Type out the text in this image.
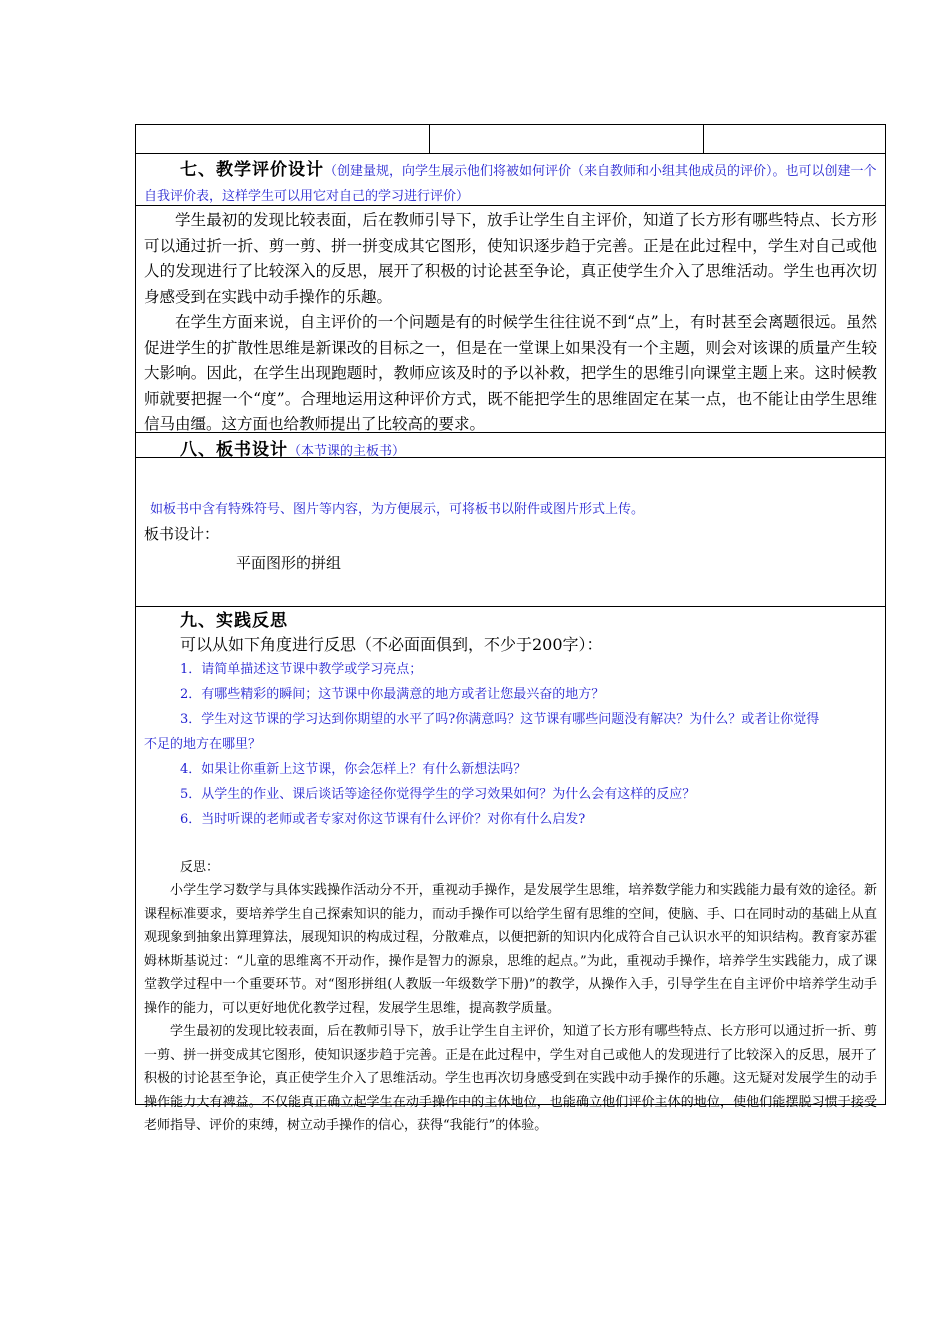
七、教学评价设计（创建量规，向学生展示他们将被如何评价（来自教师和小组其他成员的评价）。也可以创建一个自我评价表，这样学生可以用它对自己的学习进行评价）

学生最初的发现比较表面，后在教师引导下，放手让学生自主评价，知道了长方形有哪些特点、长方形可以通过折一折、剪一剪、拼一拼变成其它图形，使知识逐步趋于完善。正是在此过程中，学生对自己或他人的发现进行了比较深入的反思，展开了积极的讨论甚至争论，真正使学生介入了思维活动。学生也再次切身感受到在实践中动手操作的乐趣。

在学生方面来说，自主评价的一个问题是有的时候学生往往说不到“点”上，有时甚至会离题很远。虽然促进学生的扩散性思维是新课改的目标之一，但是在一堂课上如果没有一个主题，则会对该课的质量产生较大影响。因此，在学生出现跑题时，教师应该及时的予以补救，把学生的思维引向课堂主题上来。这时候教师就要把握一个“度”。合理地运用这种评价方式，既不能把学生的思维固定在某一点，也不能让由学生思维信马由缰。这方面也给教师提出了比较高的要求。

八、板书设计（本节课的主板书）
如板书中含有特殊符号、图片等内容，为方便展示，可将板书以附件或图片形式上传。
板书设计：
平面图形的拼组
九、实践反思
可以从如下角度进行反思（不必面面俱到，不少于200字）：
1．请简单描述这节课中教学或学习亮点；
2．有哪些精彩的瞬间；这节课中你最满意的地方或者让您最兴奋的地方？
3．学生对这节课的学习达到你期望的水平了吗?你满意吗？这节课有哪些问题没有解决？为什么？或者让你觉得
不足的地方在哪里？
4．如果让你重新上这节课，你会怎样上？有什么新想法吗？
5．从学生的作业、课后谈话等途径你觉得学生的学习效果如何？为什么会有这样的反应？
6．当时听课的老师或者专家对你这节课有什么评价？对你有什么启发?
反思：

小学生学习数学与具体实践操作活动分不开，重视动手操作，是发展学生思维，培养数学能力和实践能力最有效的途径。新课程标准要求，要培养学生自己探索知识的能力，而动手操作可以给学生留有思维的空间，使脑、手、口在同时动的基础上从直观现象到抽象出算理算法，展现知识的构成过程，分散难点，以便把新的知识内化成符合自己认识水平的知识结构。教育家苏霍姆林斯基说过：“儿童的思维离不开动作，操作是智力的源泉，思维的起点。”为此，重视动手操作，培养学生实践能力，成了课堂教学过程中一个重要环节。对“图形拼组(人教版一年级数学下册)”的教学，从操作入手，引导学生在自主评价中培养学生动手操作的能力，可以更好地优化教学过程，发展学生思维，提高教学质量。

学生最初的发现比较表面，后在教师引导下，放手让学生自主评价，知道了长方形有哪些特点、长方形可以通过折一折、剪一剪、拼一拼变成其它图形，使知识逐步趋于完善。正是在此过程中，学生对自己或他人的发现进行了比较深入的反思，展开了积极的讨论甚至争论，真正使学生介入了思维活动。学生也再次切身感受到在实践中动手操作的乐趣。这无疑对发展学生的动手操作能力大有裨益。不仅能真正确立起学生在动手操作中的主体地位，也能确立他们评价主体的地位，使他们能摆脱习惯于接受老师指导、评价的束缚，树立动手操作的信心，获得“我能行”的体验。
